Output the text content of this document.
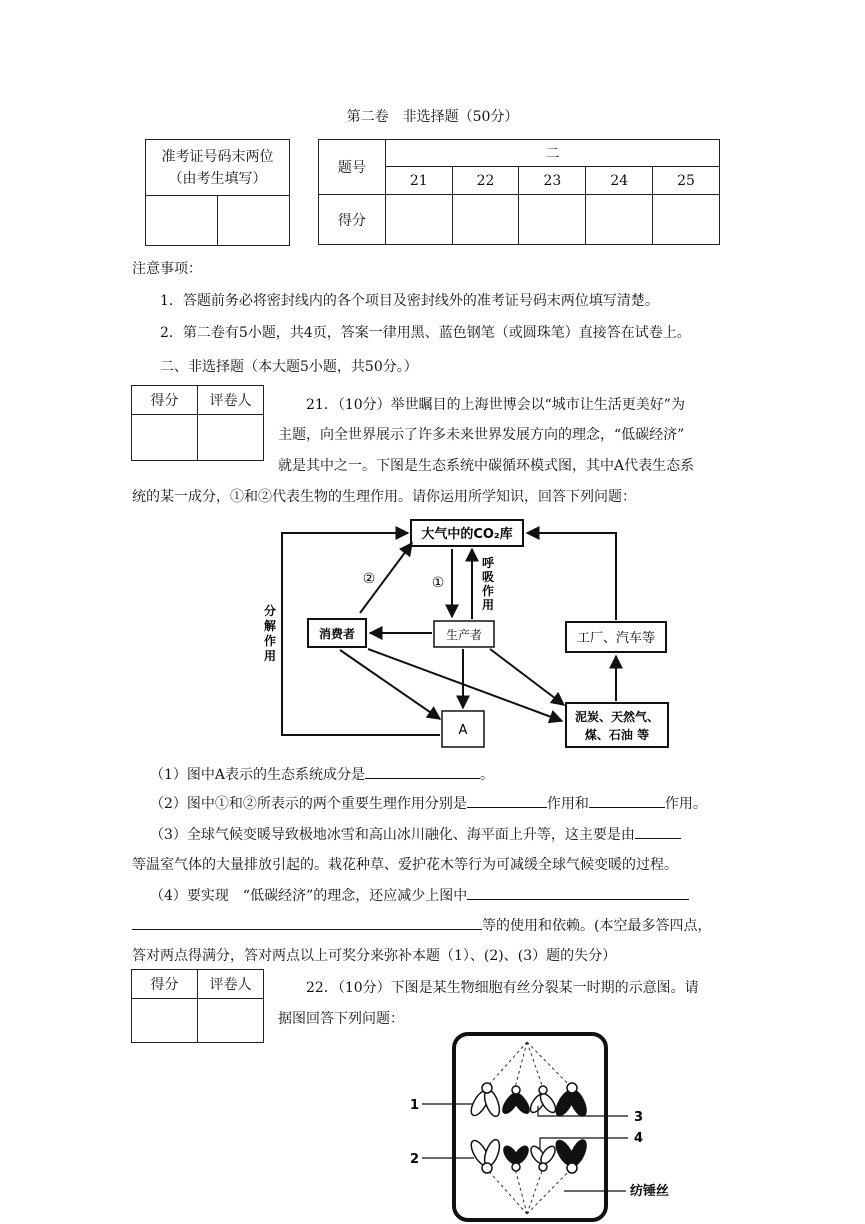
第二卷　非选择题（50分）
准考证号码末两位
（由考生填写）

题号	二				
	21	22	23	24	25
得分					
注意事项：
1．答题前务必将密封线内的各个项目及密封线外的准考证号码末两位填写清楚。
2．第二卷有5小题，共4页，答案一律用黑、蓝色钢笔（或圆珠笔）直接答在试卷上。
二、非选择题（本大题5小题，共50分。）
得分	评卷人
		21．（10分）举世瞩目的上海世博会以“城市让生活更美好”为
主题，向全世界展示了许多未来世界发展方向的理念，“低碳经济”
就是其中之一。下图是生态系统中碳循环模式图，其中A代表生态系
统的某一成分，①和②代表生物的生理作用。请你运用所学知识，回答下列问题：
大气中的CO₂库
消费者	生产者	工厂、汽车等
A
泥炭、天然气、
煤、石油 等
②	①
呼
吸
作
用
分
解
作
用
（1）图中A表示的生态系统成分是	。
（2）图中①和②所表示的两个重要生理作用分别是	作用和	作用。
（3）全球气候变暖导致极地冰雪和高山冰川融化、海平面上升等，这主要是由
等温室气体的大量排放引起的。栽花种草、爱护花木等行为可减缓全球气候变暖的过程。
（4）要实现　“低碳经济”的理念，还应减少上图中
等的使用和依赖。(本空最多答四点，
答对两点得满分，答对两点以上可奖分来弥补本题（1）、(2)、(3）题的失分）
得分	评卷人
		22．（10分）下图是某生物细胞有丝分裂某一时期的示意图。请
据图回答下列问题：
1
2
3
4
纺锤丝
